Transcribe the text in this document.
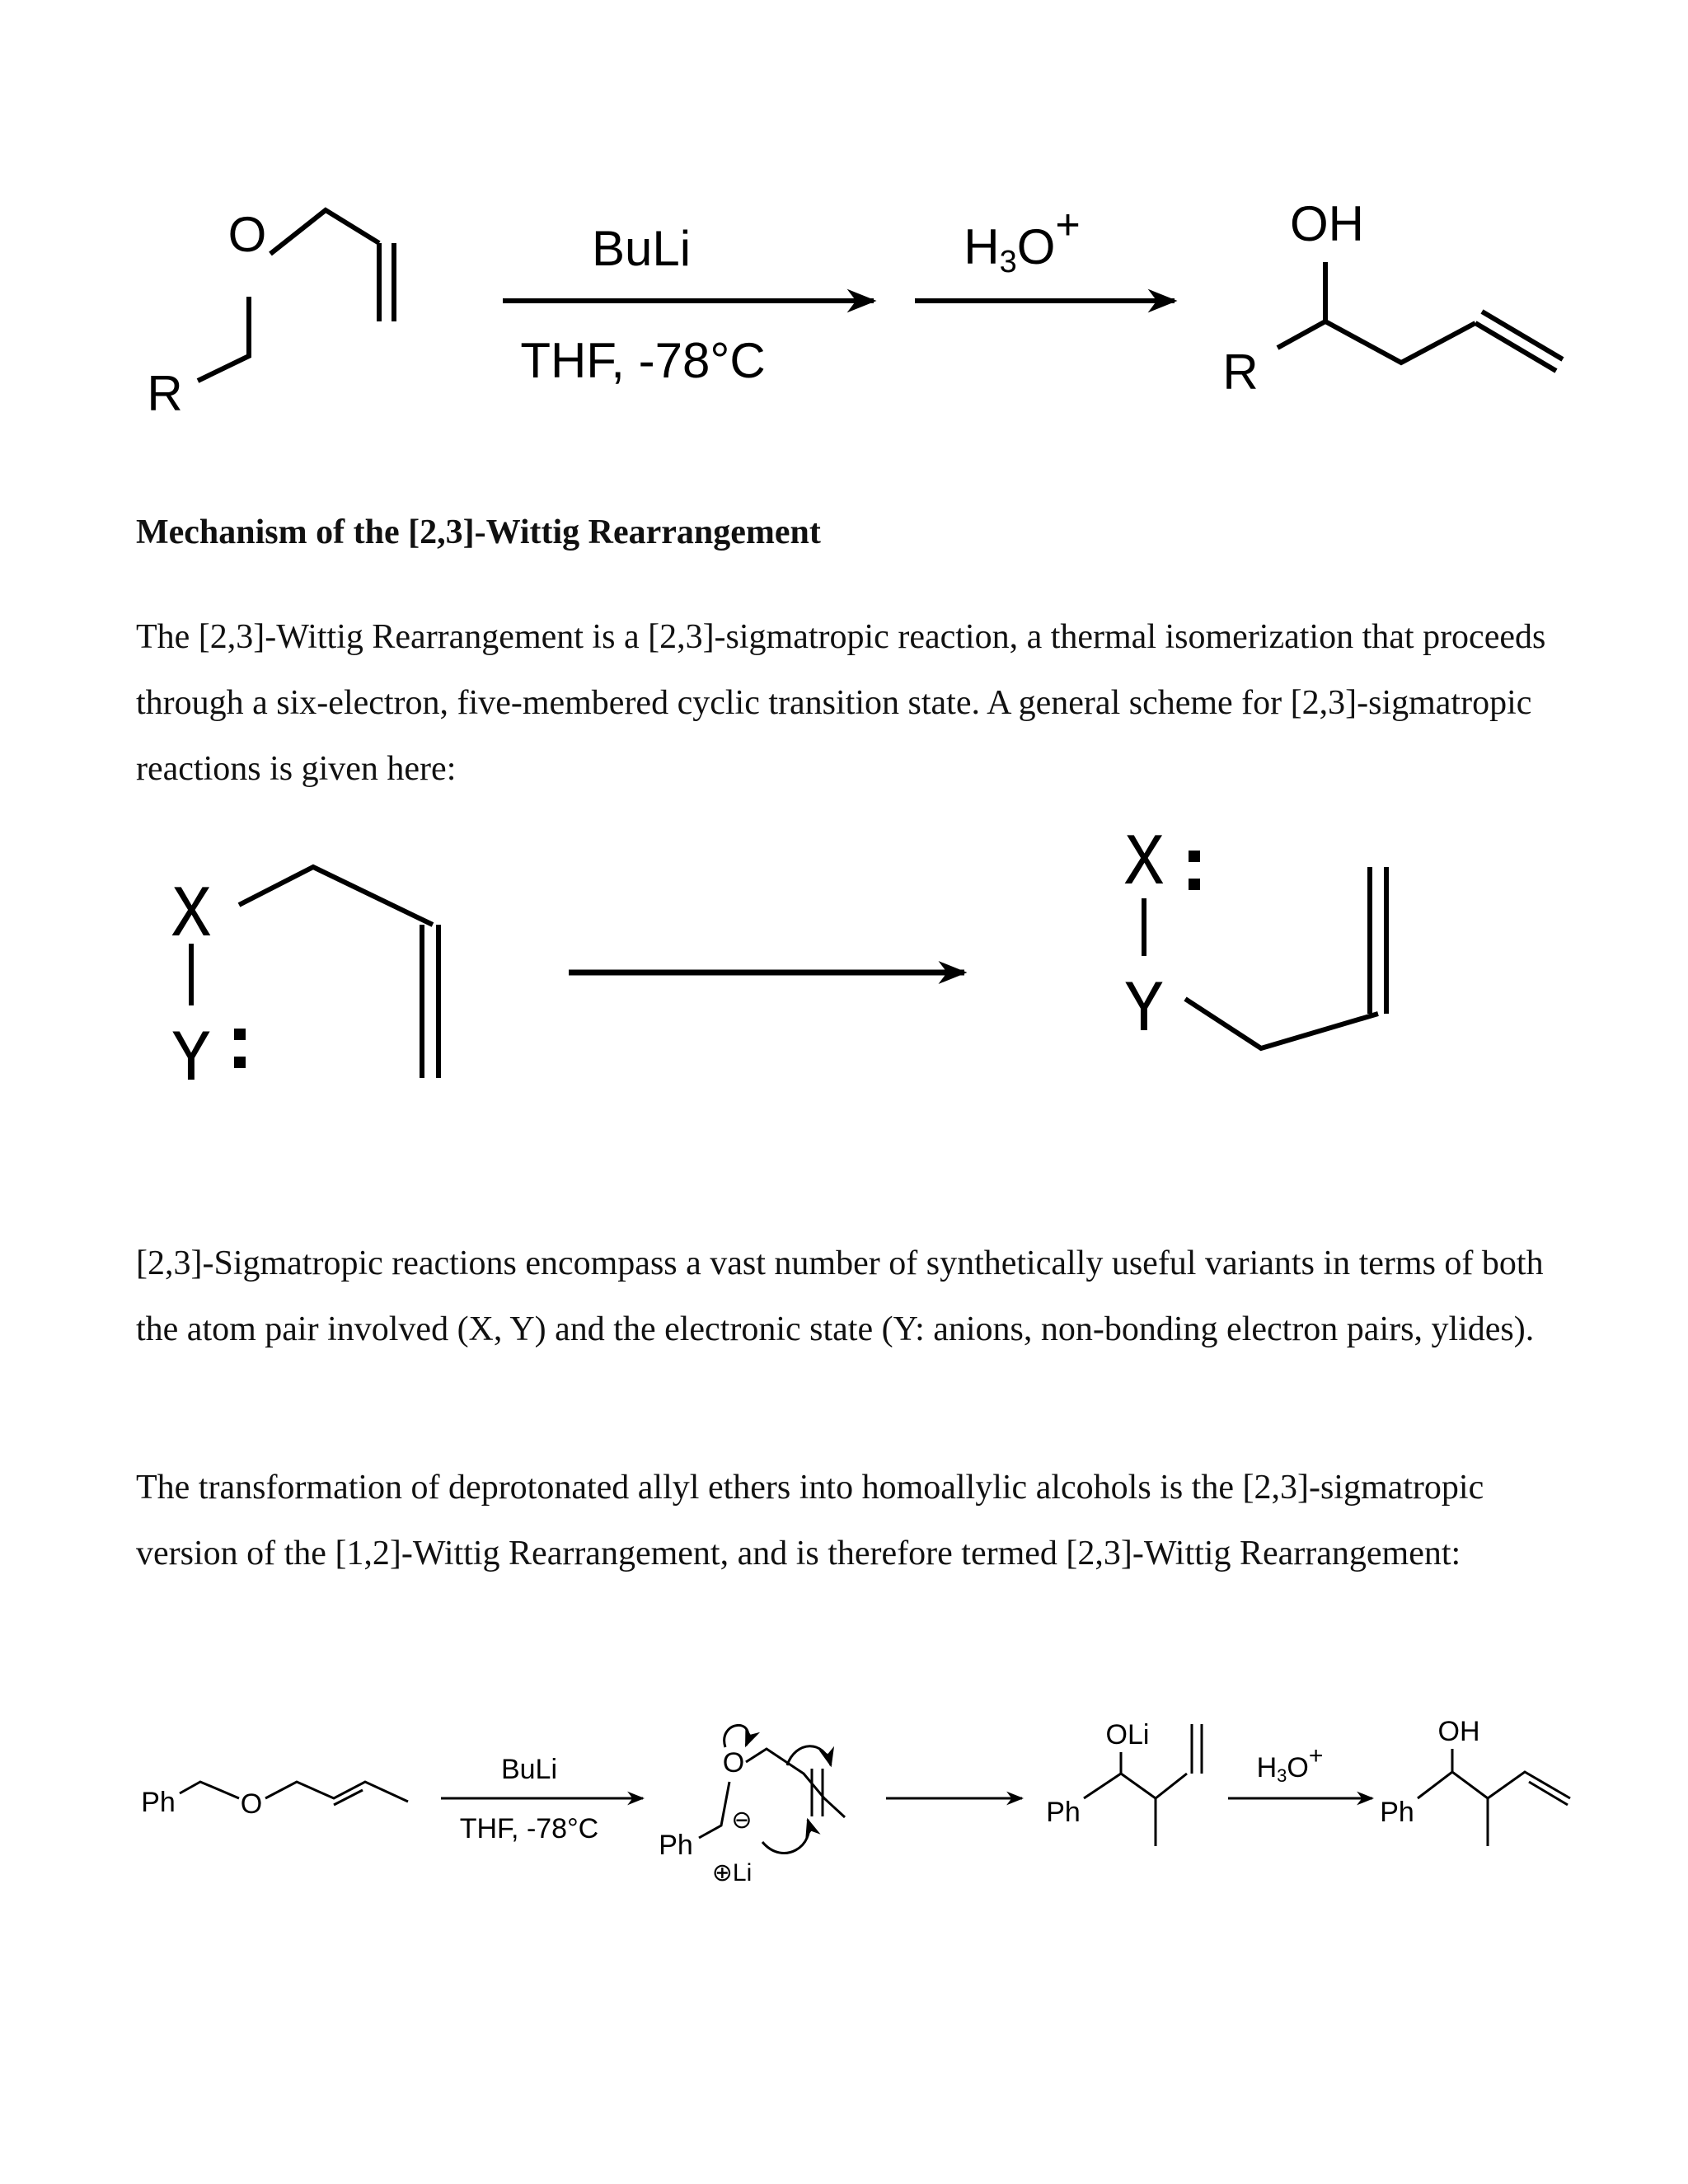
O
R
BuLi
THF, -78°C
H3O+	OH
R
Mechanism of the [2,3]-Wittig Rearrangement

The [2,3]-Wittig Rearrangement is a [2,3]-sigmatropic reaction, a thermal isomerization that proceeds through a six-electron, five-membered cyclic transition state. A general scheme for [2,3]-sigmatropic reactions is given here:

X
Y
X
Y

[2,3]-Sigmatropic reactions encompass a vast number of synthetically useful variants in terms of both the atom pair involved (X, Y) and the electronic state (Y: anions, non-bonding electron pairs, ylides).

The transformation of deprotonated allyl ethers into homoallylic alcohols is the [2,3]-sigmatropic version of the [1,2]-Wittig Rearrangement, and is therefore termed [2,3]-Wittig Rearrangement:

Ph O
BuLi
THF, -78°C
O
Ph
⊖
⊕Li
OLi
Ph
H3O+
OH
Ph
